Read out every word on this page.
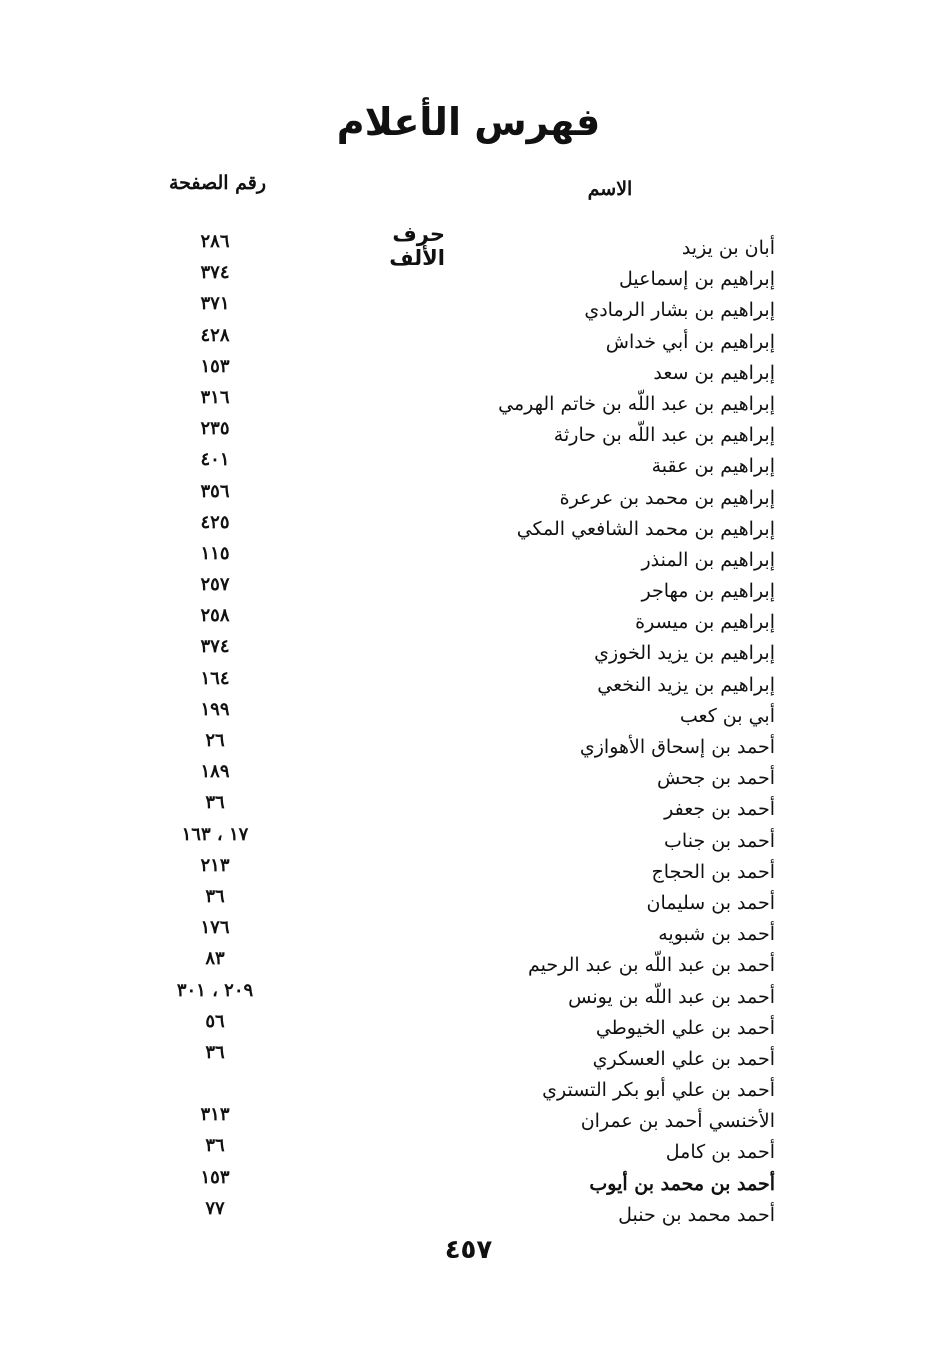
فهرس الأعلام
الاسم
رقم الصفحة
حرف الألف	أبان بن يزيد
إبراهيم بن إسماعيل
إبراهيم بن بشار الرمادي
إبراهيم بن أبي خداش
إبراهيم بن سعد
إبراهيم بن عبد اللّه بن خاتم الهرمي
إبراهيم بن عبد اللّه بن حارثة
إبراهيم بن عقبة
إبراهيم بن محمد بن عرعرة
إبراهيم بن محمد الشافعي المكي
إبراهيم بن المنذر
إبراهيم بن مهاجر
إبراهيم بن ميسرة
إبراهيم بن يزيد الخوزي
إبراهيم بن يزيد النخعي
أبي بن كعب
أحمد بن إسحاق الأهوازي
أحمد بن جحش
أحمد بن جعفر
أحمد بن جناب
أحمد بن الحجاج
أحمد بن سليمان
أحمد بن شبويه
أحمد بن عبد اللّه بن عبد الرحيم
أحمد بن عبد اللّه بن يونس
أحمد بن علي الخيوطي
أحمد بن علي العسكري
أحمد بن علي أبو بكر التستري
الأخنسي أحمد بن عمران
أحمد بن كامل
أحمد بن محمد بن أيوب
أحمد محمد بن حنبل
٢٨٦
٣٧٤
٣٧١
٤٢٨
١٥٣
٣١٦
٢٣٥
٤٠١
٣٥٦
٤٢٥
١١٥
٢٥٧
٢٥٨
٣٧٤
١٦٤
١٩٩
٢٦
١٨٩
٣٦
١٧ ، ١٦٣
٢١٣
٣٦
١٧٦
٨٣
٢٠٩ ، ٣٠١
٥٦
٣٦
٣١٣
٣٦
١٥٣
٧٧
٤٥٧
